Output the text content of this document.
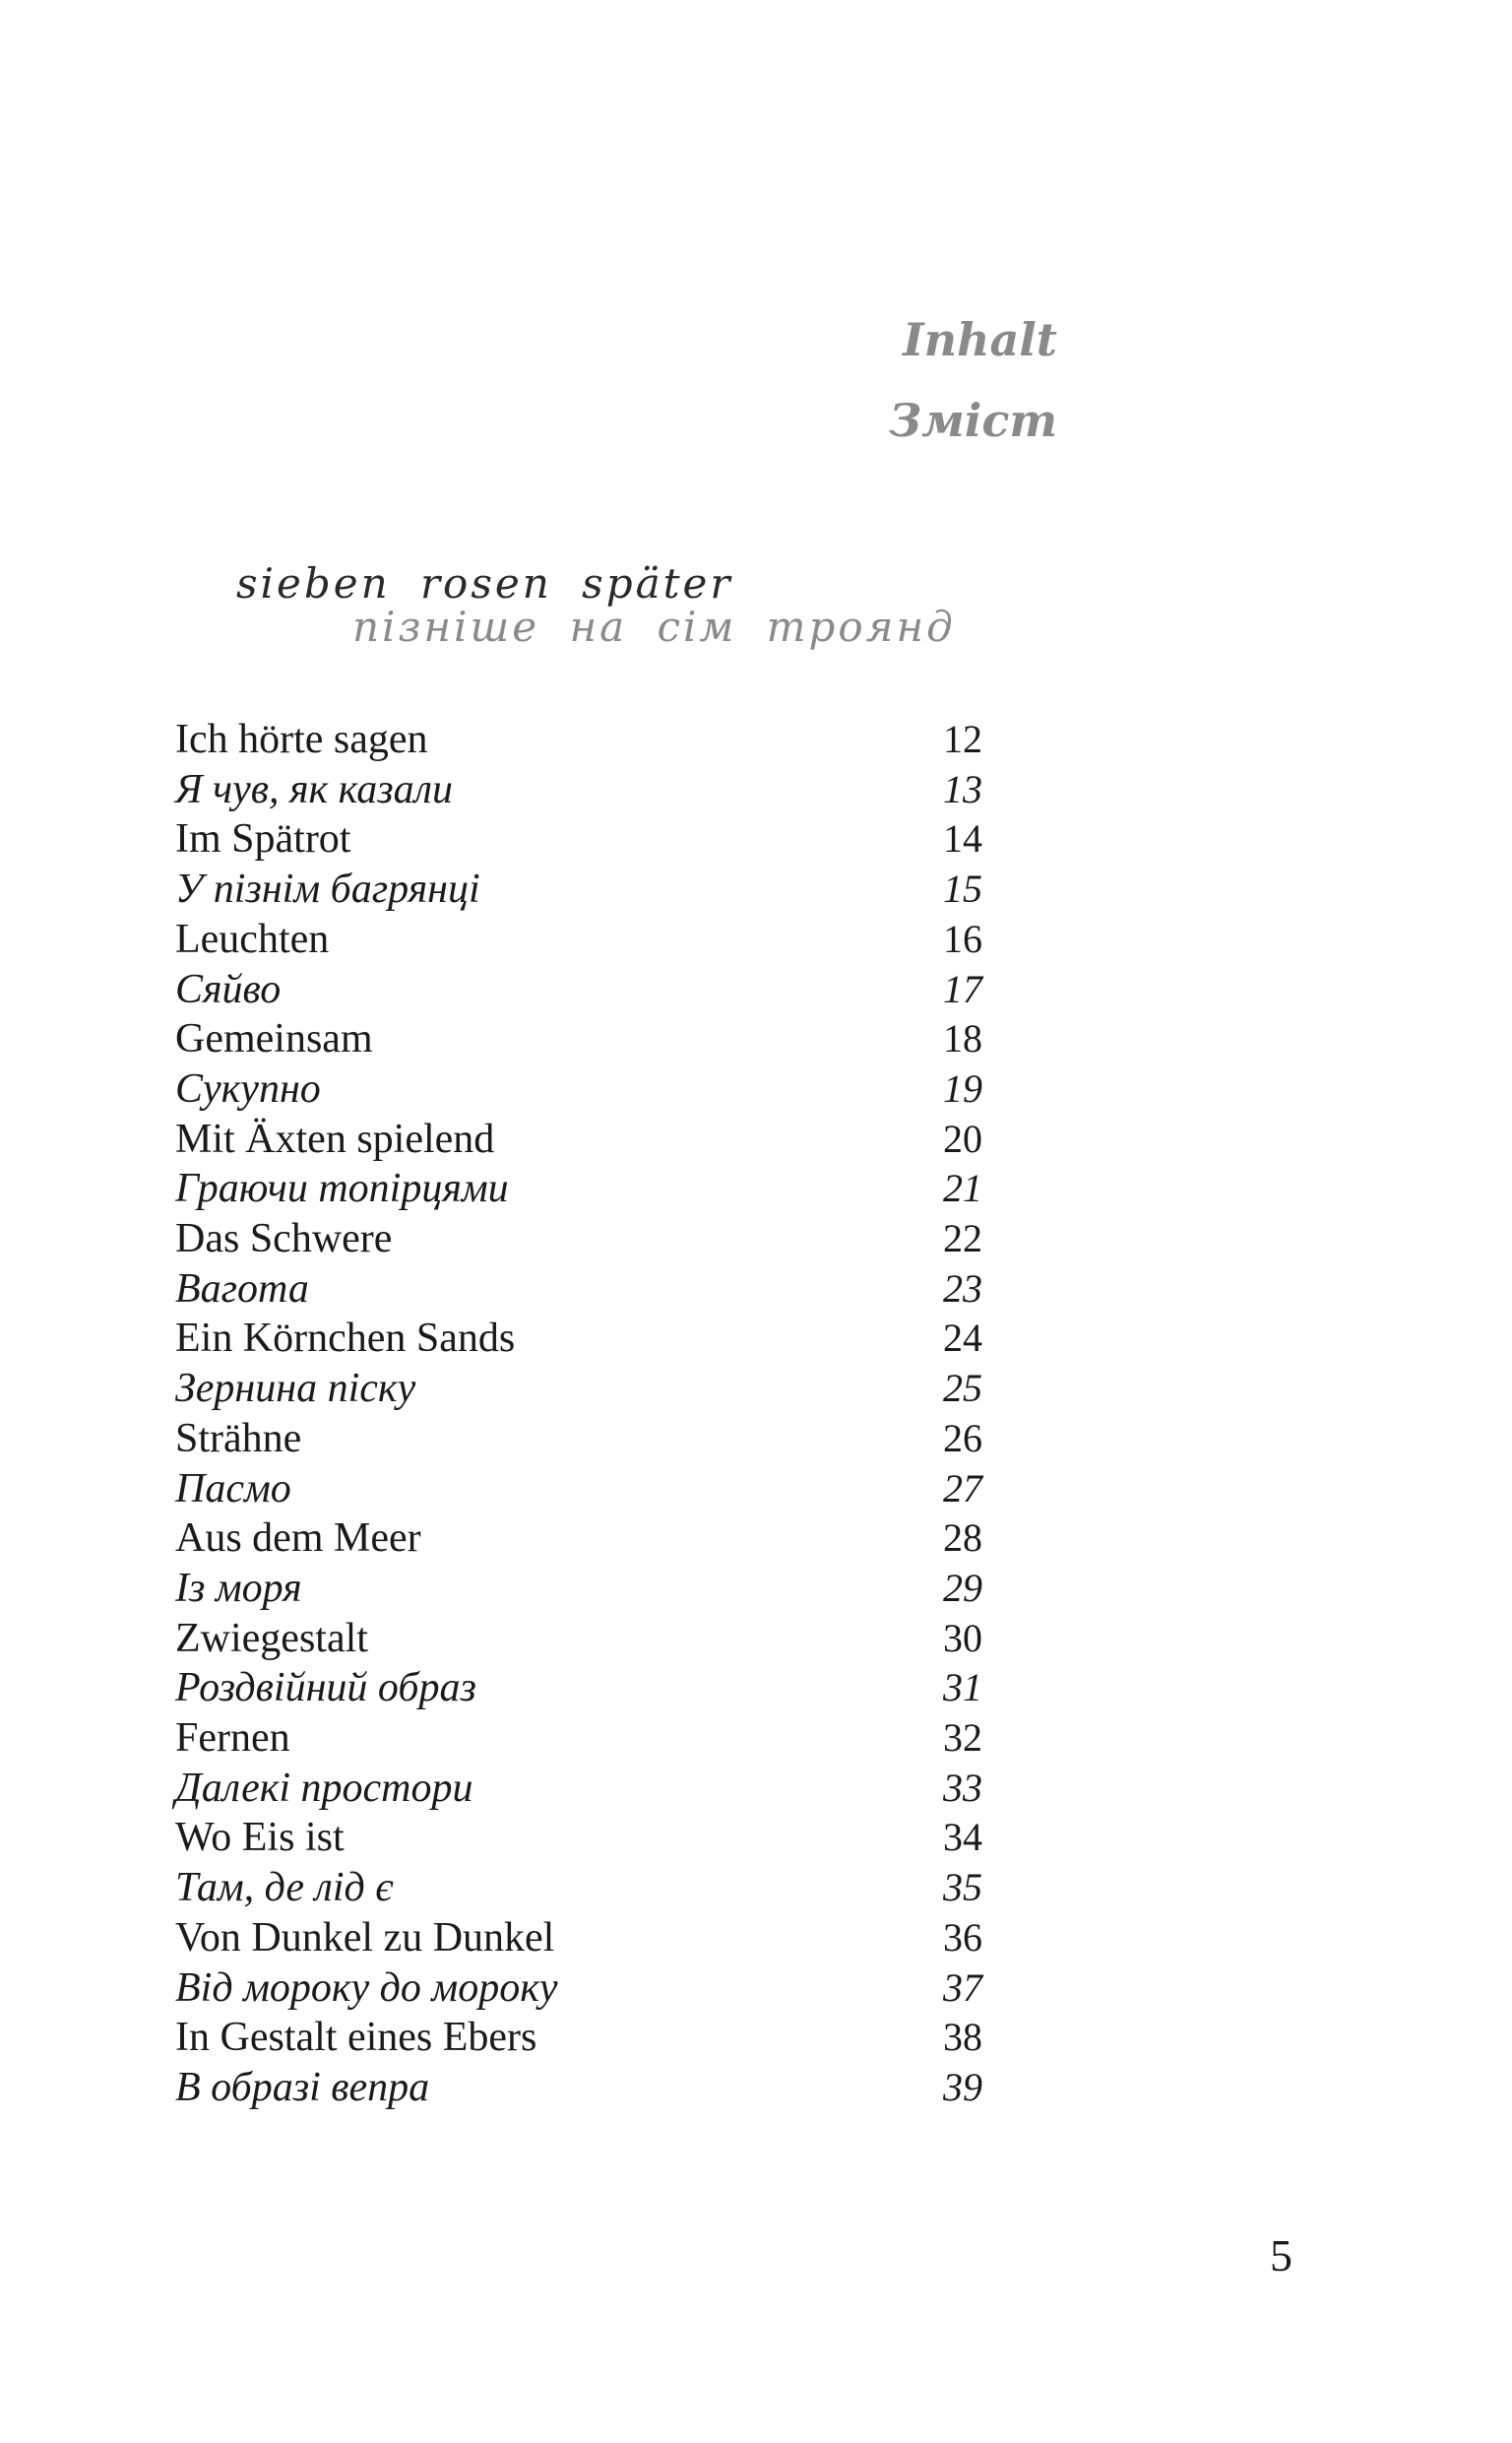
Inhalt
Зміст
sieben rosen später
пізніше на сім троянд
Ich hörte sagen	12
Я чув, як казали	13
Im Spätrot	14
У пізнім багрянці	15
Leuchten	16
Сяйво	17
Gemeinsam	18
Сукупно	19
Mit Äxten spielend	20
Граючи топірцями	21
Das Schwere	22
Вагота	23
Ein Körnchen Sands	24
Зернина піску	25
Strähne	26
Пасмо	27
Aus dem Meer	28
Із моря	29
Zwiegestalt	30
Роздвійний образ	31
Fernen	32
Далекі простори	33
Wo Eis ist	34
Там, де лід є	35
Von Dunkel zu Dunkel	36
Від мороку до мороку	37
In Gestalt eines Ebers	38
В образі вепра	39
5
